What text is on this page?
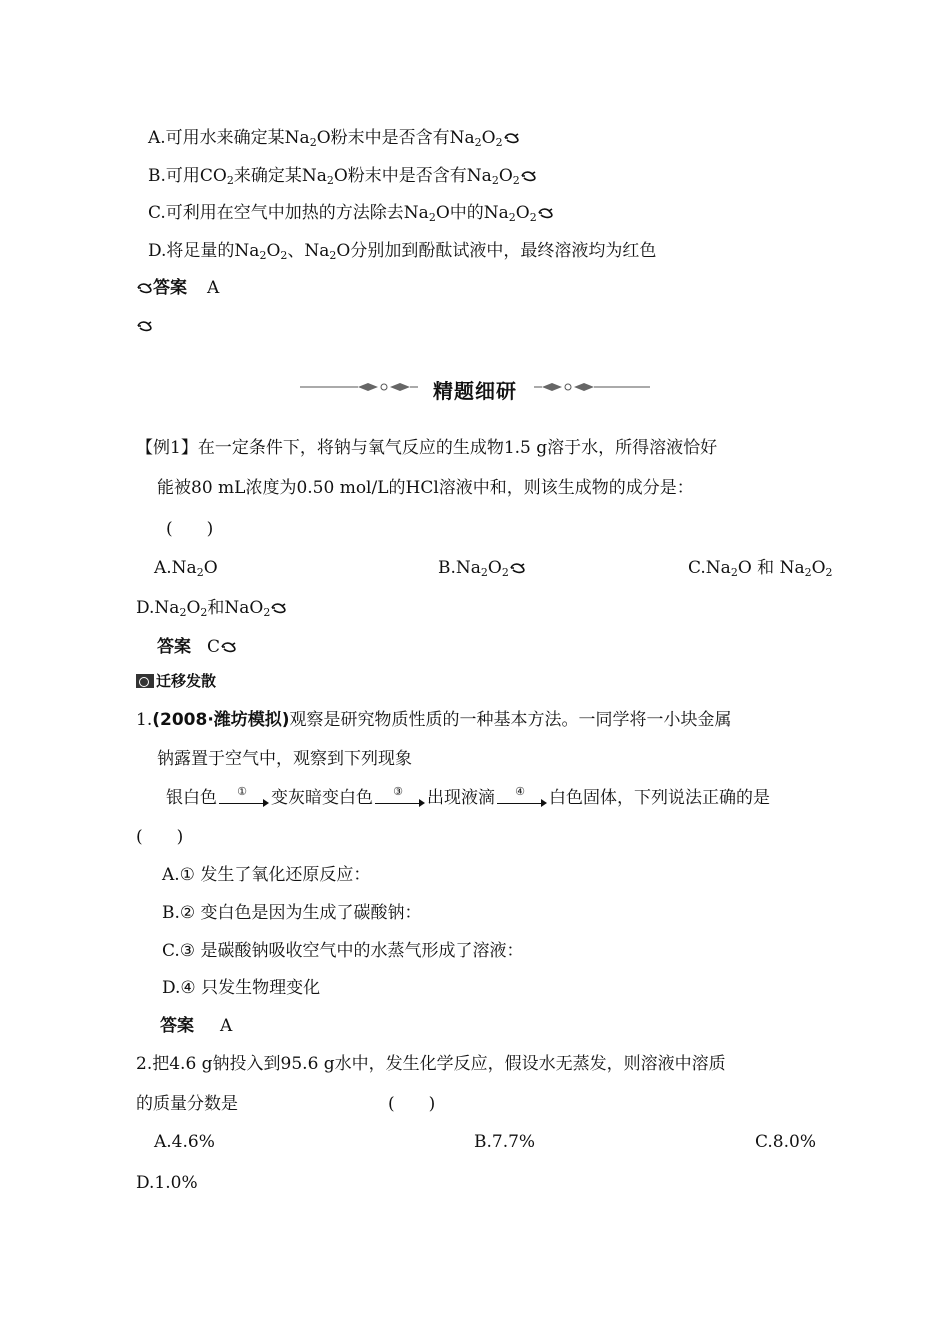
A.可用水来确定某$Na_2O$粉末中是否含有$Na_2O_2$
B.可用$CO_2$来确定某$Na_2O$粉末中是否含有$Na_2O_2$
C.可利用在空气中加热的方法除去$Na_2O$中的$Na_2O_2$
D.将足量的$Na_2O_2$、$Na_2O$分别加到酚酞试液中，最终溶液均为红色
答案 A
精题细研
【例1】在一定条件下，将钠与氧气反应的生成物1.5 g溶于水，所得溶液恰好
能被80 mL浓度为0.50 mol/L的HCl溶液中和，则该生成物的成分是：
(　　)
$A.Na_2O$	$B.Na_2O_2$	$C.Na_2O$ 和 $Na_2O_2$
$D.Na_2O_2$和NaO$_2$
答案 C
迁移发散
1.(2008·潍坊模拟)观察是研究物质性质的一种基本方法。一同学将一小块金属
钠露置于空气中，观察到下列现象
银白色	①	变灰暗变白色	③	出现液滴	④	白色固体，下列说法正确的是
(　　)
A.① 发生了氧化还原反应：
B.② 变白色是因为生成了碳酸钠：
C.③ 是碳酸钠吸收空气中的水蒸气形成了溶液：
D.④ 只发生物理变化
答案 A
2.把4.6 g钠投入到95.6 g水中，发生化学反应，假设水无蒸发，则溶液中溶质
的质量分数是	(　　)
A.4.6%	B.7.7%	C.8.0%
D.1.0%
